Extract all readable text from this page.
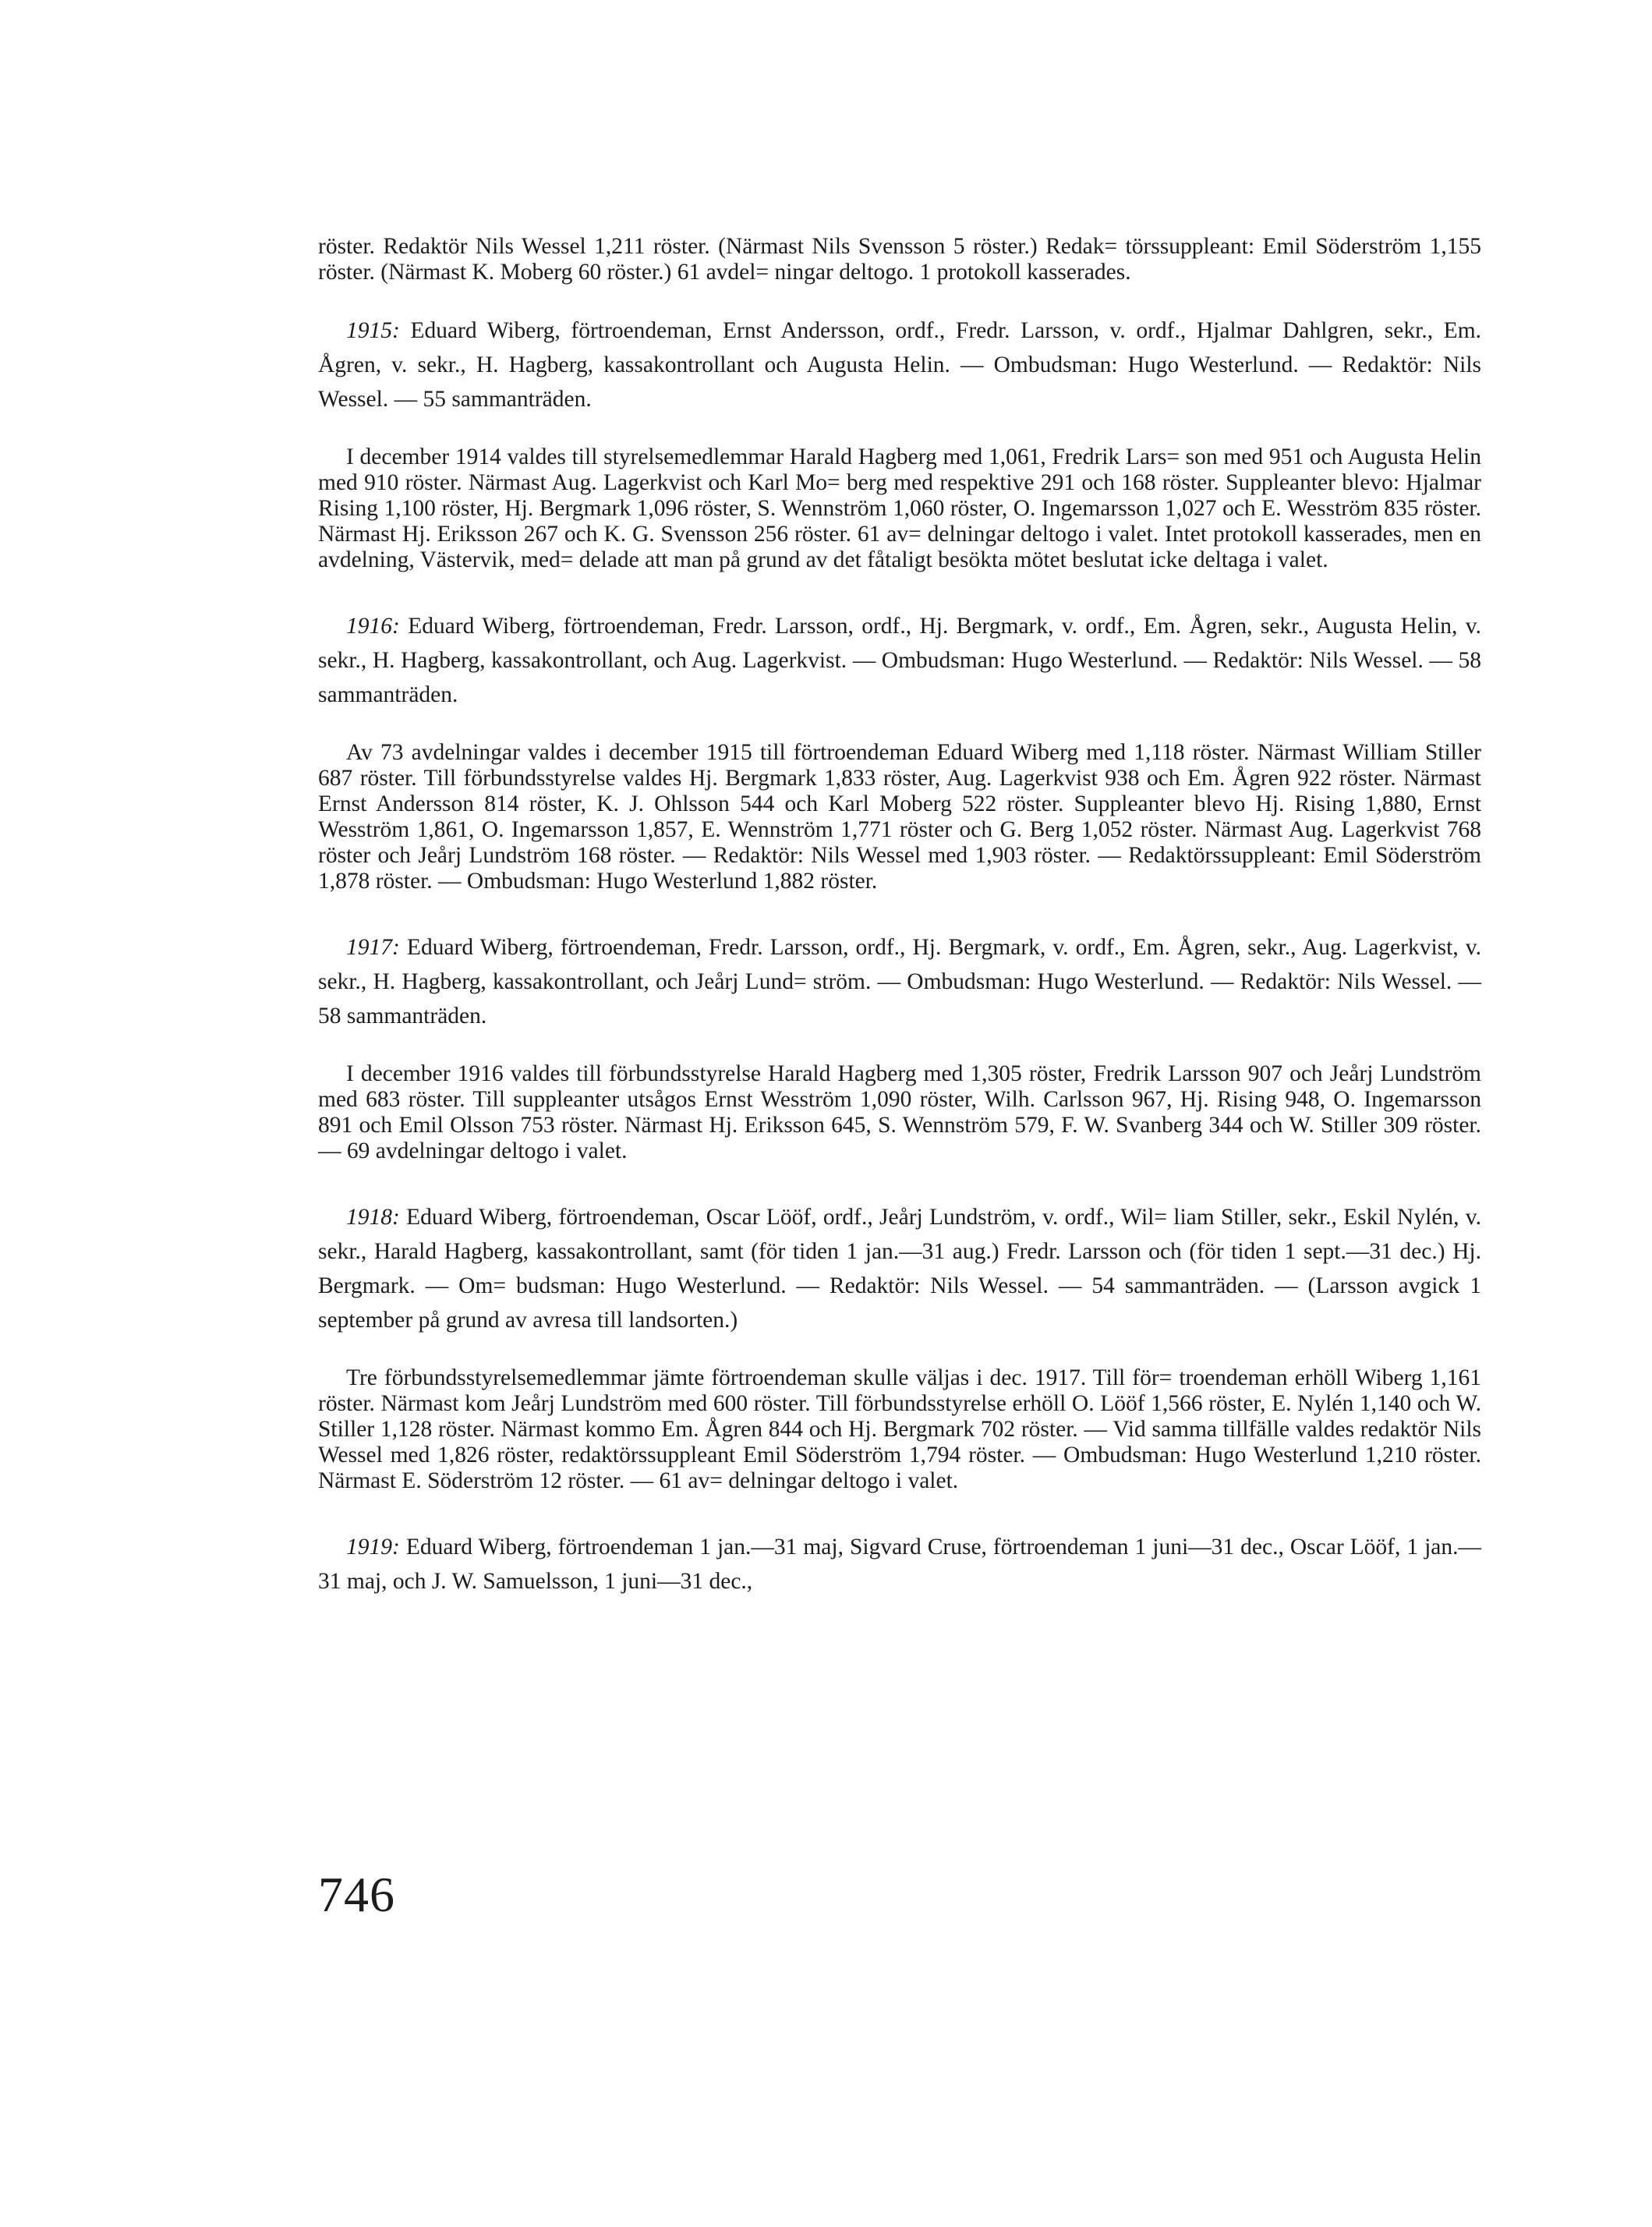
röster. Redaktör Nils Wessel 1,211 röster. (Närmast Nils Svensson 5 röster.) Redak= törssuppleant: Emil Söderström 1,155 röster. (Närmast K. Moberg 60 röster.) 61 avdel= ningar deltogo. 1 protokoll kasserades.

1915: Eduard Wiberg, förtroendeman, Ernst Andersson, ordf., Fredr. Larsson, v. ordf., Hjalmar Dahlgren, sekr., Em. Ågren, v. sekr., H. Hagberg, kassakontrollant och Augusta Helin. — Ombudsman: Hugo Westerlund. — Redaktör: Nils Wessel. — 55 sammanträden.

I december 1914 valdes till styrelsemedlemmar Harald Hagberg med 1,061, Fredrik Lars= son med 951 och Augusta Helin med 910 röster. Närmast Aug. Lagerkvist och Karl Mo= berg med respektive 291 och 168 röster. Suppleanter blevo: Hjalmar Rising 1,100 röster, Hj. Bergmark 1,096 röster, S. Wennström 1,060 röster, O. Ingemarsson 1,027 och E. Wesström 835 röster. Närmast Hj. Eriksson 267 och K. G. Svensson 256 röster. 61 av= delningar deltogo i valet. Intet protokoll kasserades, men en avdelning, Västervik, med= delade att man på grund av det fåtaligt besökta mötet beslutat icke deltaga i valet.

1916: Eduard Wiberg, förtroendeman, Fredr. Larsson, ordf., Hj. Bergmark, v. ordf., Em. Ågren, sekr., Augusta Helin, v. sekr., H. Hagberg, kassakontrollant, och Aug. Lagerkvist. — Ombudsman: Hugo Westerlund. — Redaktör: Nils Wessel. — 58 sammanträden.

Av 73 avdelningar valdes i december 1915 till förtroendeman Eduard Wiberg med 1,118 röster. Närmast William Stiller 687 röster. Till förbundsstyrelse valdes Hj. Bergmark 1,833 röster, Aug. Lagerkvist 938 och Em. Ågren 922 röster. Närmast Ernst Andersson 814 röster, K. J. Ohlsson 544 och Karl Moberg 522 röster. Suppleanter blevo Hj. Rising 1,880, Ernst Wesström 1,861, O. Ingemarsson 1,857, E. Wennström 1,771 röster och G. Berg 1,052 röster. Närmast Aug. Lagerkvist 768 röster och Jeårj Lundström 168 röster. — Redaktör: Nils Wessel med 1,903 röster. — Redaktörssuppleant: Emil Söderström 1,878 röster. — Ombudsman: Hugo Westerlund 1,882 röster.

1917: Eduard Wiberg, förtroendeman, Fredr. Larsson, ordf., Hj. Bergmark, v. ordf., Em. Ågren, sekr., Aug. Lagerkvist, v. sekr., H. Hagberg, kassakontrollant, och Jeårj Lund= ström. — Ombudsman: Hugo Westerlund. — Redaktör: Nils Wessel. — 58 sammanträden.

I december 1916 valdes till förbundsstyrelse Harald Hagberg med 1,305 röster, Fredrik Larsson 907 och Jeårj Lundström med 683 röster. Till suppleanter utsågos Ernst Wesström 1,090 röster, Wilh. Carlsson 967, Hj. Rising 948, O. Ingemarsson 891 och Emil Olsson 753 röster. Närmast Hj. Eriksson 645, S. Wennström 579, F. W. Svanberg 344 och W. Stiller 309 röster. — 69 avdelningar deltogo i valet.

1918: Eduard Wiberg, förtroendeman, Oscar Lööf, ordf., Jeårj Lundström, v. ordf., Wil= liam Stiller, sekr., Eskil Nylén, v. sekr., Harald Hagberg, kassakontrollant, samt (för tiden 1 jan.—31 aug.) Fredr. Larsson och (för tiden 1 sept.—31 dec.) Hj. Bergmark. — Om= budsman: Hugo Westerlund. — Redaktör: Nils Wessel. — 54 sammanträden. — (Larsson avgick 1 september på grund av avresa till landsorten.)

Tre förbundsstyrelsemedlemmar jämte förtroendeman skulle väljas i dec. 1917. Till för= troendeman erhöll Wiberg 1,161 röster. Närmast kom Jeårj Lundström med 600 röster. Till förbundsstyrelse erhöll O. Lööf 1,566 röster, E. Nylén 1,140 och W. Stiller 1,128 röster. Närmast kommo Em. Ågren 844 och Hj. Bergmark 702 röster. — Vid samma tillfälle valdes redaktör Nils Wessel med 1,826 röster, redaktörssuppleant Emil Söderström 1,794 röster. — Ombudsman: Hugo Westerlund 1,210 röster. Närmast E. Söderström 12 röster. — 61 av= delningar deltogo i valet.

1919: Eduard Wiberg, förtroendeman 1 jan.—31 maj, Sigvard Cruse, förtroendeman 1 juni—31 dec., Oscar Lööf, 1 jan.—31 maj, och J. W. Samuelsson, 1 juni—31 dec.,

746
